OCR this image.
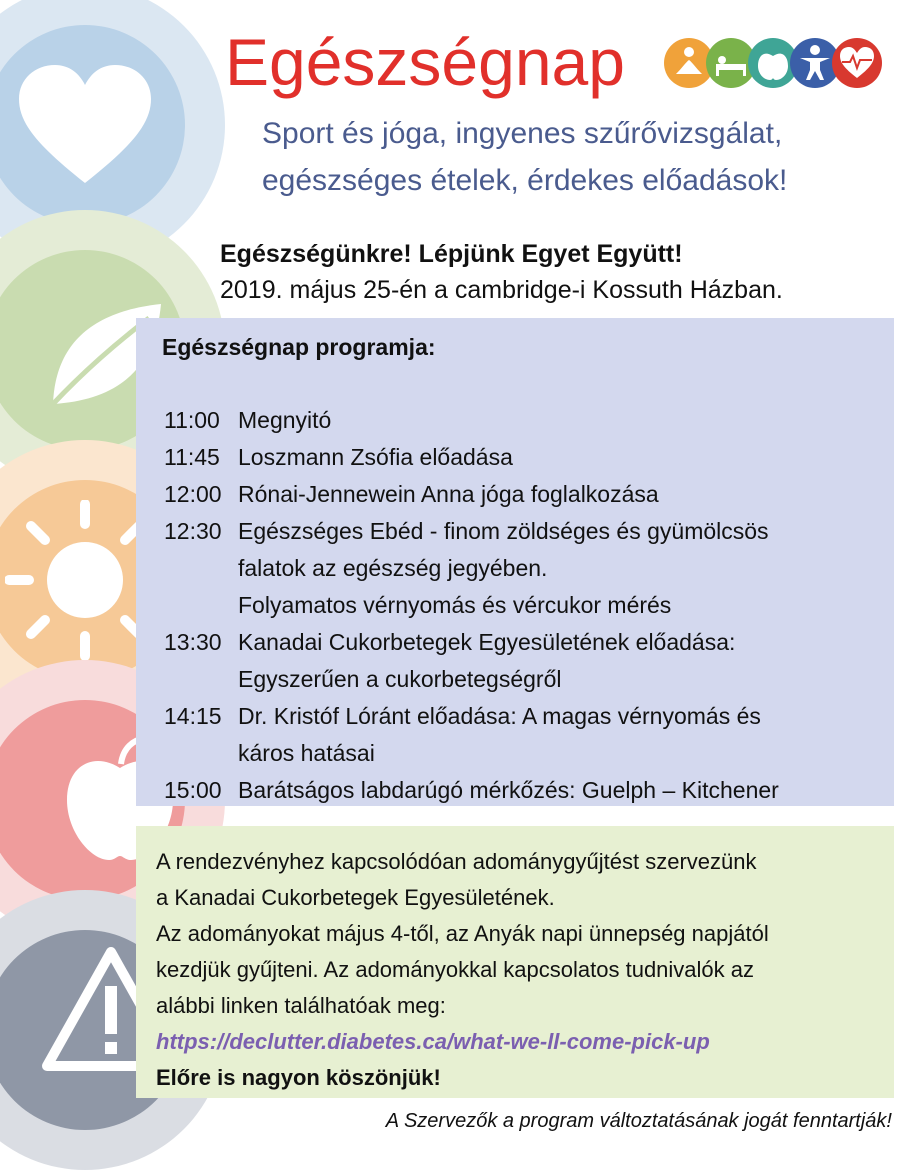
Egészségnap

Sport és jóga, ingyenes szűrővizsgálat,
egészséges ételek, érdekes előadások!

Egészségünkre! Lépjünk Egyet Együtt!
2019. május 25-én a cambridge-i Kossuth Házban.
Egészségnap programja:
11:00 Megnyitó
11:45 Loszmann Zsófia előadása
12:00 Rónai-Jennewein Anna jóga foglalkozása
12:30 Egészséges Ebéd - finom zöldséges és gyümölcsös
falatok az egészség jegyében.
Folyamatos vérnyomás és vércukor mérés
13:30 Kanadai Cukorbetegek Egyesületének előadása:
Egyszerűen a cukorbetegségről
14:15 Dr. Kristóf Lóránt előadása: A magas vérnyomás és
káros hatásai
15:00 Barátságos labdarúgó mérkőzés: Guelph – Kitchener
A rendezvényhez kapcsolódóan adománygyűjtést szervezünk
a Kanadai Cukorbetegek Egyesületének.
Az adományokat május 4-től, az Anyák napi ünnepség napjától
kezdjük gyűjteni. Az adományokkal kapcsolatos tudnivalók az
alábbi linken találhatóak meg:
https://declutter.diabetes.ca/what-we-ll-come-pick-up
Előre is nagyon köszönjük!
A Szervezők a program változtatásának jogát fenntartják!
